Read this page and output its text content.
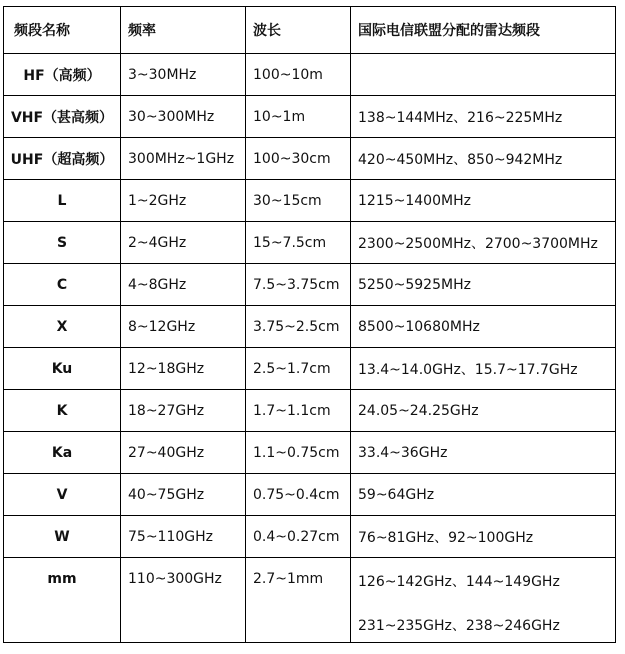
频段名称	频率	波长	国际电信联盟分配的雷达频段
HF（高频）	3~30MHz	100~10m	
VHF（甚高频）	30~300MHz	10~1m	138~144MHz、216~225MHz
UHF（超高频）	300MHz~1GHz	100~30cm	420~450MHz、850~942MHz
L	1~2GHz	30~15cm	1215~1400MHz
S	2~4GHz	15~7.5cm	2300~2500MHz、2700~3700MHz
C	4~8GHz	7.5~3.75cm	5250~5925MHz
X	8~12GHz	3.75~2.5cm	8500~10680MHz
Ku	12~18GHz	2.5~1.7cm	13.4~14.0GHz、15.7~17.7GHz
K	18~27GHz	1.7~1.1cm	24.05~24.25GHz
Ka	27~40GHz	1.1~0.75cm	33.4~36GHz
V	40~75GHz	0.75~0.4cm	59~64GHz
W	75~110GHz	0.4~0.27cm	76~81GHz、92~100GHz

mm	110~300GHz	2.7~1mm	126~142GHz、144~149GHz
231~235GHz、238~246GHz
